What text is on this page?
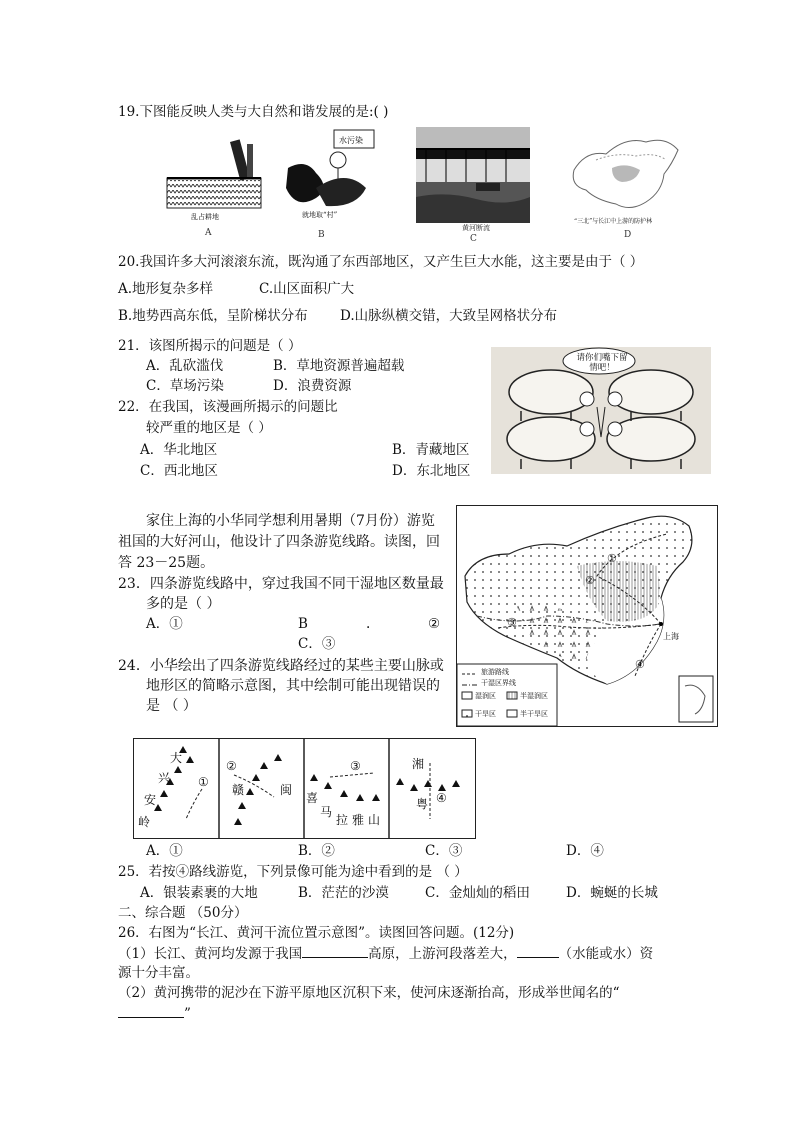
19.下图能反映人类与大自然和谐发展的是:( )
乱占耕地
A
水污染
就地取“村”
B
黄河断流
C
“三北”与长江中上游的防护林
D
20.我国许多大河滚滚东流，既沟通了东西部地区，又产生巨大水能，这主要是由于（ ）
A.地形复杂多样	C.山区面积广大
B.地势西高东低，呈阶梯状分布 D.山脉纵横交错，大致呈网格状分布
21．该图所揭示的问题是（ ）
A．乱砍滥伐	B．草地资源普遍超载
C．草场污染	D．浪费资源
请你们嘴下留情吧！
22．在我国，该漫画所揭示的问题比
较严重的地区是（ ）
A．华北地区	B．青藏地区
C．西北地区	D．东北地区
家住上海的小华同学想利用暑期（7月份）游览
祖国的大好河山，他设计了四条游览线路。读图，回
答 23－25题。
23．四条游览线路中，穿过我国不同干湿地区数量最
多的是（ ）
A．①	B	.	②
C．③
24．小华绘出了四条游览线路经过的某些主要山脉或
地形区的简略示意图，其中绘制可能出现错误的
是 （ ）
①
②
③
④
上海
旅游路线
干湿区界线
湿润区	半湿润区
干旱区	半干旱区
大
兴
安
岭
①
②
赣	闽
③
喜
马
拉 雅 山
湘
粤 ④
A．①	B．②	C．③	D．④
25．若按④路线游览，下列景像可能为途中看到的是 （ ）
A．银装素裹的大地	B．茫茫的沙漠	C．金灿灿的稻田	D．蜿蜒的长城
二、综合题 （50分）
26．右图为“长江、黄河干流位置示意图”。读图回答问题。(12分)
（1）长江、黄河均发源于我国	高原，上游河段落差大，	（水能或水）资
源十分丰富。
（2）黄河携带的泥沙在下游平原地区沉积下来，使河床逐渐抬高，形成举世闻名的“
”
